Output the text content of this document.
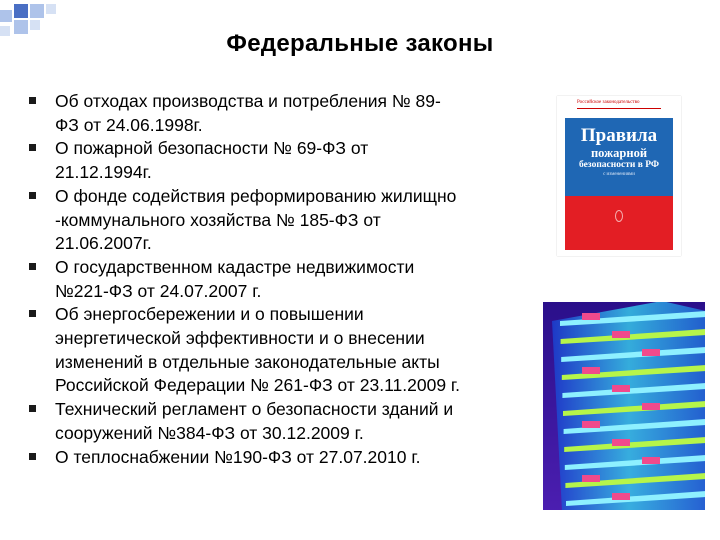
Федеральные законы
Об отходах производства и потребления № 89-
ФЗ от 24.06.1998г.
О пожарной безопасности № 69-ФЗ от
21.12.1994г.
О фонде содействия реформированию жилищно
-коммунального хозяйства № 185-ФЗ от
21.06.2007г.
О государственном кадастре недвижимости
№221-ФЗ от 24.07.2007 г.
Об энергосбережении и о повышении
энергетической эффективности и о внесении
изменений в отдельные законодательные акты
Российской Федерации № 261-ФЗ от 23.11.2009 г.
Технический регламент о безопасности зданий и
сооружений №384-ФЗ от 30.12.2009 г.
О теплоснабжении №190-ФЗ от 27.07.2010 г.
Российское законодательство
Правила
пожарной
безопасности в РФ
с изменениями
